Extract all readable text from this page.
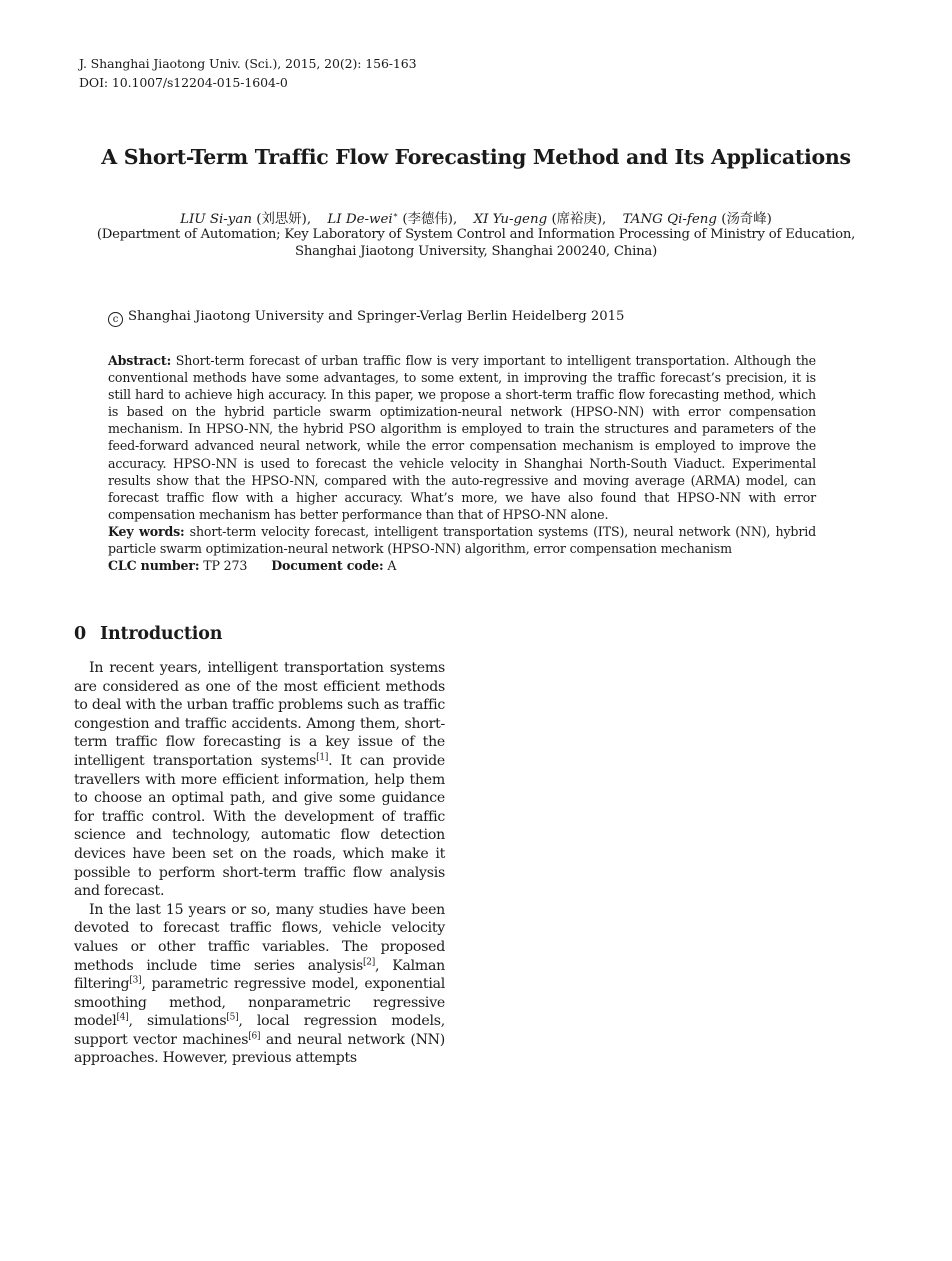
J. Shanghai Jiaotong Univ. (Sci.), 2015, 20(2): 156-163
DOI: 10.1007/s12204-015-1604-0
A Short-Term Traffic Flow Forecasting Method and Its Applications
LIU Si-yan (刘思妍), LI De-wei∗ (李德伟), XI Yu-geng (席裕庚), TANG Qi-feng (汤奇峰)
(Department of Automation; Key Laboratory of System Control and Information Processing of Ministry of Education,
Shanghai Jiaotong University, Shanghai 200240, China)
c Shanghai Jiaotong University and Springer-Verlag Berlin Heidelberg 2015

Abstract: Short-term forecast of urban traffic flow is very important to intelligent transportation. Although the conventional methods have some advantages, to some extent, in improving the traffic forecast’s precision, it is still hard to achieve high accuracy. In this paper, we propose a short-term traffic flow forecasting method, which is based on the hybrid particle swarm optimization-neural network (HPSO-NN) with error compensation mechanism. In HPSO-NN, the hybrid PSO algorithm is employed to train the structures and parameters of the feed-forward advanced neural network, while the error compensation mechanism is employed to improve the accuracy. HPSO-NN is used to forecast the vehicle velocity in Shanghai North-South Viaduct. Experimental results show that the HPSO-NN, compared with the auto-regressive and moving average (ARMA) model, can forecast traffic flow with a higher accuracy. What’s more, we have also found that HPSO-NN with error compensation mechanism has better performance than that of HPSO-NN alone.

Key words: short-term velocity forecast, intelligent transportation systems (ITS), neural network (NN), hybrid particle swarm optimization-neural network (HPSO-NN) algorithm, error compensation mechanism

CLC number: TP 273 Document code: A

0 Introduction

In recent years, intelligent transportation systems are considered as one of the most efficient methods to deal with the urban traffic problems such as traffic congestion and traffic accidents. Among them, short-term traffic flow forecasting is a key issue of the intelligent transportation systems[1]. It can provide travellers with more efficient information, help them to choose an optimal path, and give some guidance for traffic control. With the development of traffic science and technology, automatic flow detection devices have been set on the roads, which make it possible to perform short-term traffic flow analysis and forecast.

In the last 15 years or so, many studies have been devoted to forecast traffic flows, vehicle velocity values or other traffic variables. The proposed methods include time series analysis[2], Kalman filtering[3], parametric regressive model, exponential smoothing method, nonparametric regressive model[4], simulations[5], local regression models, support vector machines[6] and neural network (NN) approaches. However, previous attempts
